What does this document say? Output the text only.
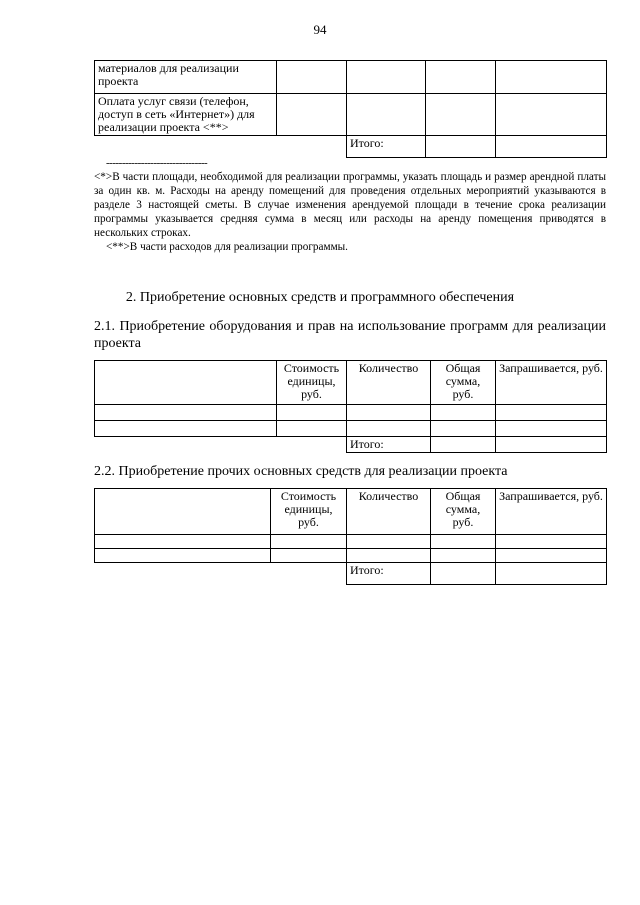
94
материалов для реализации проекта				
Оплата услуг связи (телефон, доступ в сеть «Интернет») для реализации проекта <**>				
		Итого:		
--------------------------------

<*>В части площади, необходимой для реализации программы, указать площадь и размер арендной платы за один кв. м. Расходы на аренду помещений для проведения отдельных мероприятий указываются в разделе 3 настоящей сметы. В случае изменения арендуемой площади в течение срока реализации программы указывается средняя сумма в месяц или расходы на аренду помещения приводятся в нескольких строках.

<**>В части расходов для реализации программы.

2. Приобретение основных средств и программного обеспечения
2.1. Приобретение оборудования и прав на использование программ для реализации проекта
	Стоимость единицы, руб.	Количество	Общая сумма, руб.	Запрашивается, руб.

		Итого:		
2.2. Приобретение прочих основных средств для реализации проекта
	Стоимость единицы, руб.	Количество	Общая сумма, руб.	Запрашивается, руб.

		Итого:		
